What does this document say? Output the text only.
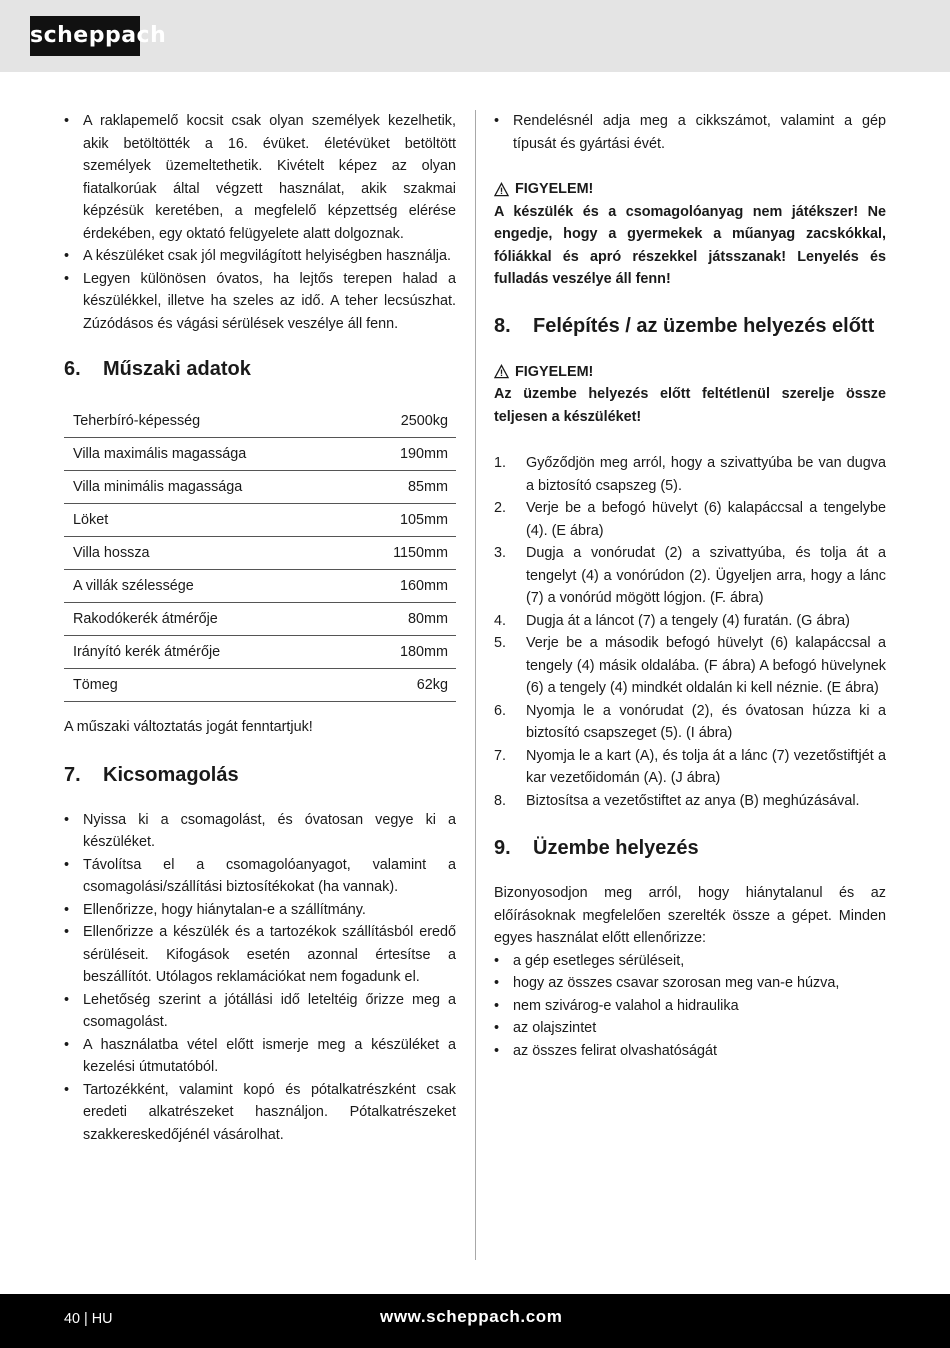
scheppach
• A raklapemelő kocsit csak olyan személyek kezelhetik, akik betöltötték a 16. évüket. életévüket betöltött személyek üzemeltethetik. Kivételt képez az olyan fiatalkorúak által végzett használat, akik szakmai képzésük keretében, a megfelelő képzettség elérése érdekében, egy oktató felügyelete alatt dolgoznak.
• A készüléket csak jól megvilágított helyiségben használja.
• Legyen különösen óvatos, ha lejtős terepen halad a készülékkel, illetve ha szeles az idő. A teher lecsúszhat. Zúzódásos és vágási sérülések veszélye áll fenn.
6. Műszaki adatok
Teherbíró-képesség	2500kg
Villa maximális magassága	190mm
Villa minimális magassága	85mm
Löket	105mm
Villa hossza	1150mm
A villák szélessége	160mm
Rakodókerék átmérője	80mm
Irányító kerék átmérője	180mm
Tömeg	62kg

A műszaki változtatás jogát fenntartjuk!

7. Kicsomagolás
• Nyissa ki a csomagolást, és óvatosan vegye ki a készüléket.
• Távolítsa el a csomagolóanyagot, valamint a csomagolási/szállítási biztosítékokat (ha vannak).
• Ellenőrizze, hogy hiánytalan-e a szállítmány.
• Ellenőrizze a készülék és a tartozékok szállításból eredő sérüléseit. Kifogások esetén azonnal értesítse a beszállítót. Utólagos reklamációkat nem fogadunk el.
• Lehetőség szerint a jótállási idő leteltéig őrizze meg a csomagolást.
• A használatba vétel előtt ismerje meg a készüléket a kezelési útmutatóból.
• Tartozékként, valamint kopó és pótalkatrészként csak eredeti alkatrészeket használjon. Pótalkatrészeket szakkereskedőjénél vásárolhat.
• Rendelésnél adja meg a cikkszámot, valamint a gép típusát és gyártási évét.
FIGYELEM!
A készülék és a csomagolóanyag nem játékszer! Ne engedje, hogy a gyermekek a műanyag zacskókkal, fóliákkal és apró részekkel játsszanak! Lenyelés és fulladás veszélye áll fenn!
8. Felépítés / az üzembe helyezés előtt
FIGYELEM!
Az üzembe helyezés előtt feltétlenül szerelje össze teljesen a készüléket!
1. Győződjön meg arról, hogy a szivattyúba be van dugva a biztosító csapszeg (5).
2. Verje be a befogó hüvelyt (6) kalapáccsal a tengelybe (4). (E ábra)
3. Dugja a vonórudat (2) a szivattyúba, és tolja át a tengelyt (4) a vonórúdon (2). Ügyeljen arra, hogy a lánc (7) a vonórúd mögött lógjon. (F. ábra)
4. Dugja át a láncot (7) a tengely (4) furatán. (G ábra)
5. Verje be a második befogó hüvelyt (6) kalapáccsal a tengely (4) másik oldalába. (F ábra) A befogó hüvelynek (6) a tengely (4) mindkét oldalán ki kell néznie. (E ábra)
6. Nyomja le a vonórudat (2), és óvatosan húzza ki a biztosító csapszeget (5). (I ábra)
7. Nyomja le a kart (A), és tolja át a lánc (7) vezetőstiftjét a kar vezetőidomán (A). (J ábra)
8. Biztosítsa a vezetőstiftet az anya (B) meghúzásával.
9. Üzembe helyezés

Bizonyosodjon meg arról, hogy hiánytalanul és az előírásoknak megfelelően szerelték össze a gépet. Minden egyes használat előtt ellenőrizze:

• a gép esetleges sérüléseit,
• hogy az összes csavar szorosan meg van-e húzva,
• nem szivárog-e valahol a hidraulika
• az olajszintet
• az összes felirat olvashatóságát
40 | HU	www.scheppach.com
